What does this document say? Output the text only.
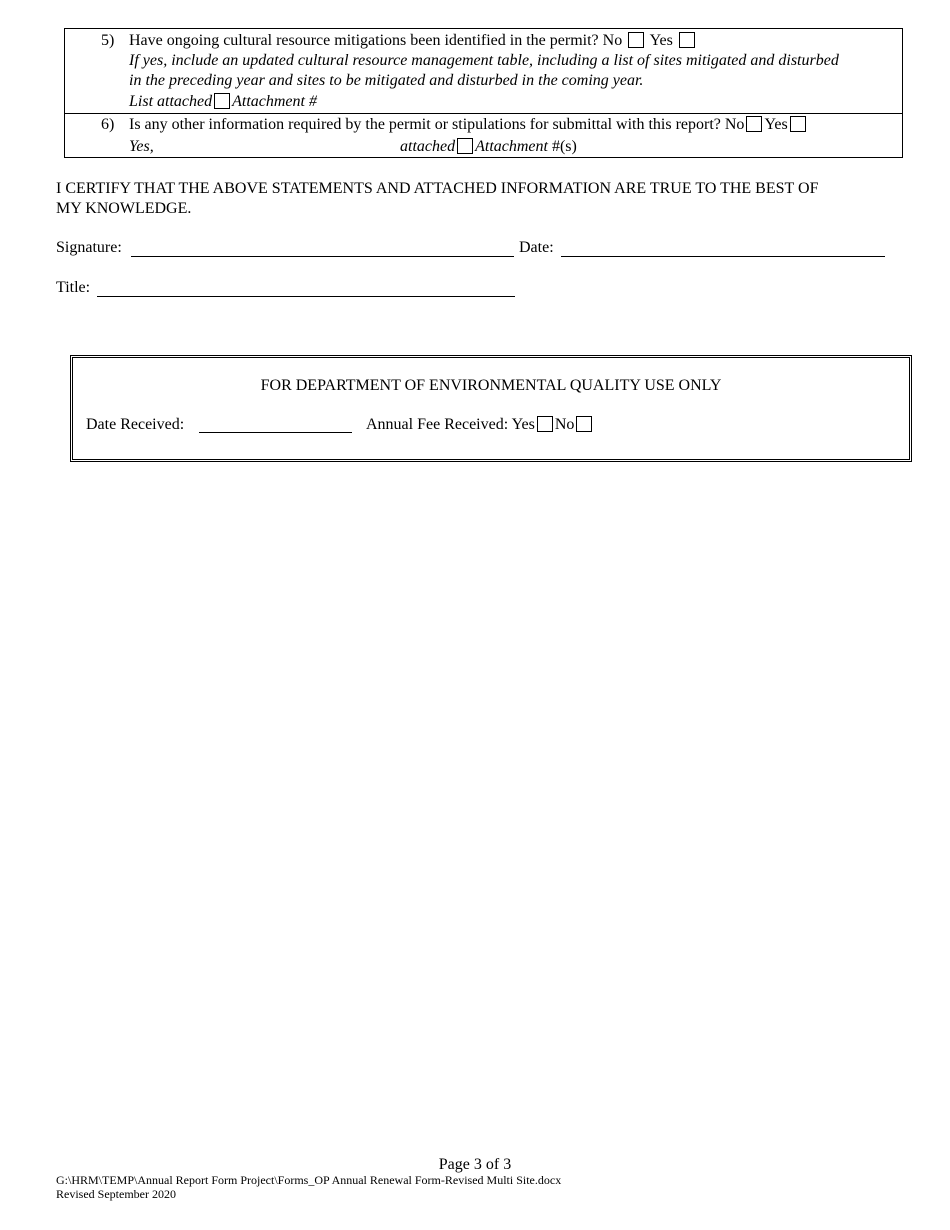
5) Have ongoing cultural resource mitigations been identified in the permit? No Yes
If yes, include an updated cultural resource management table, including a list of sites mitigated and disturbed
in the preceding year and sites to be mitigated and disturbed in the coming year.
List attached Attachment #
6) Is any other information required by the permit or stipulations for submittal with this report? No Yes
Yes,	attached Attachment #(s)
I CERTIFY THAT THE ABOVE STATEMENTS AND ATTACHED INFORMATION ARE TRUE TO THE BEST OF
MY KNOWLEDGE.
Signature:	Date:
Title:
FOR DEPARTMENT OF ENVIRONMENTAL QUALITY USE ONLY
Date Received:	Annual Fee Received: Yes No
Page 3 of 3
G:\HRM\TEMP\Annual Report Form Project\Forms_OP Annual Renewal Form-Revised Multi Site.docx
Revised September 2020
